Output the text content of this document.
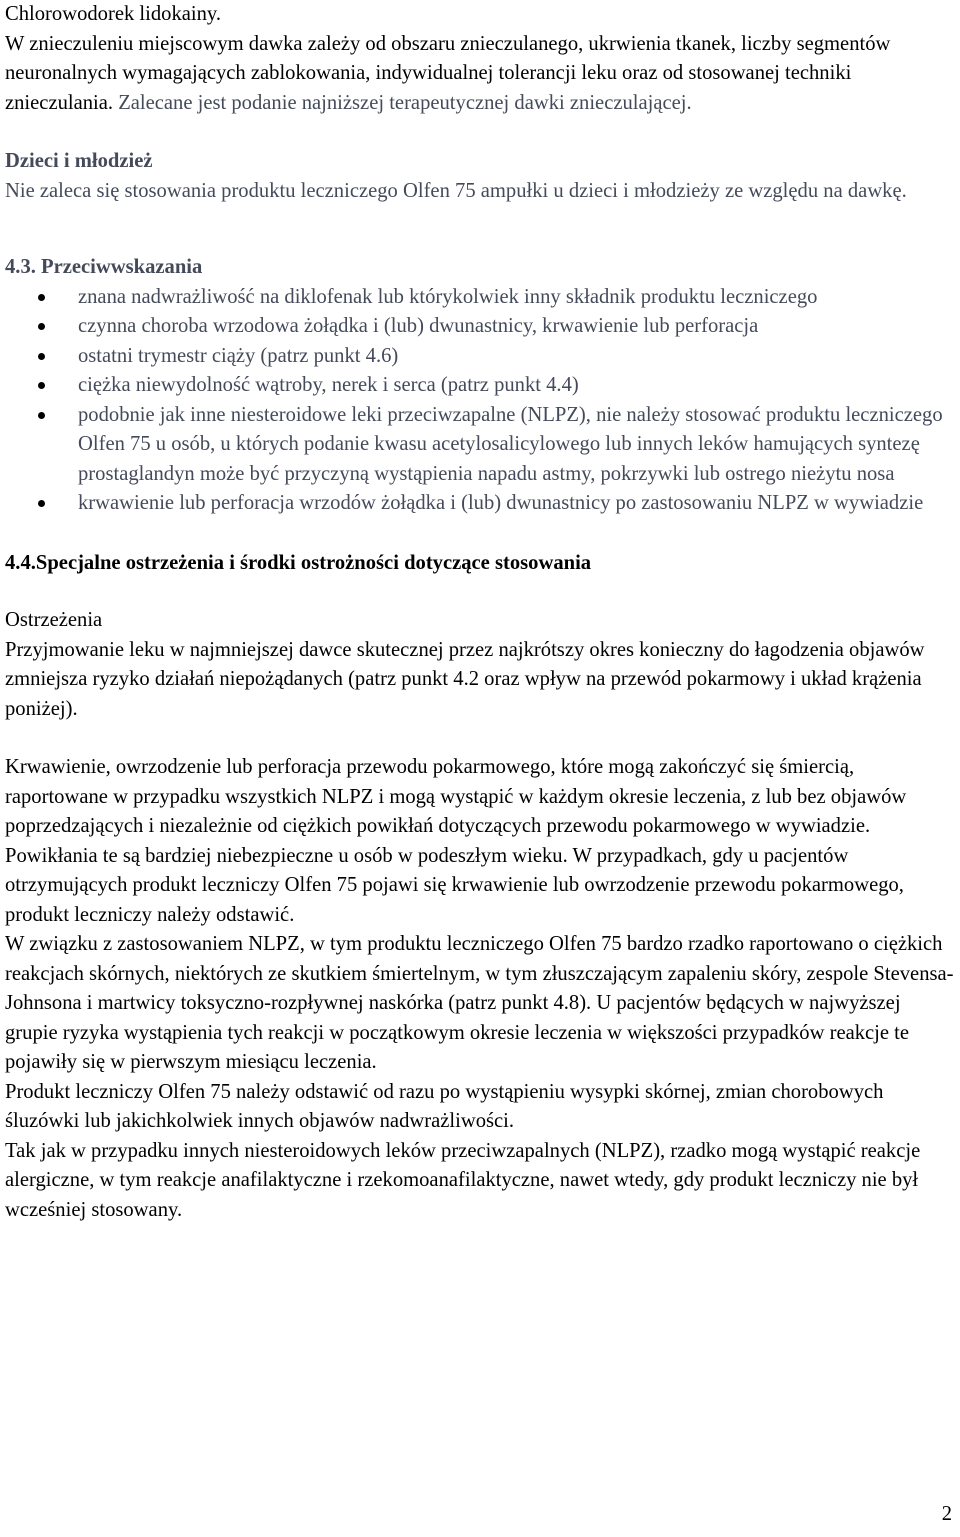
Chlorowodorek lidokainy.

W znieczuleniu miejscowym dawka zależy od obszaru znieczulanego, ukrwienia tkanek, liczby segmentów neuronalnych wymagających zablokowania, indywidualnej tolerancji leku oraz od stosowanej techniki znieczulania. Zalecane jest podanie najniższej terapeutycznej dawki znieczulającej.

Dzieci i młodzież

Nie zaleca się stosowania produktu leczniczego Olfen 75 ampułki u dzieci i młodzieży ze względu na dawkę.

4.3. Przeciwwskazania

znana nadwrażliwość na diklofenak lub którykolwiek inny składnik produktu leczniczego
czynna choroba wrzodowa żołądka i (lub) dwunastnicy, krwawienie lub perforacja
ostatni trymestr ciąży (patrz punkt 4.6)
ciężka niewydolność wątroby, nerek i serca (patrz punkt 4.4)
podobnie jak inne niesteroidowe leki przeciwzapalne (NLPZ), nie należy stosować produktu leczniczego Olfen 75 u osób, u których podanie kwasu acetylosalicylowego lub innych leków hamujących syntezę prostaglandyn może być przyczyną wystąpienia napadu astmy, pokrzywki lub ostrego nieżytu nosa
krwawienie lub perforacja wrzodów żołądka i (lub) dwunastnicy po zastosowaniu NLPZ w wywiadzie

4.4.Specjalne ostrzeżenia i środki ostrożności dotyczące stosowania

Ostrzeżenia

Przyjmowanie leku w najmniejszej dawce skutecznej przez najkrótszy okres konieczny do łagodzenia objawów zmniejsza ryzyko działań niepożądanych (patrz punkt 4.2 oraz wpływ na przewód pokarmowy i układ krążenia poniżej).

Krwawienie, owrzodzenie lub perforacja przewodu pokarmowego, które mogą zakończyć się śmiercią, raportowane w przypadku wszystkich NLPZ i mogą wystąpić w każdym okresie leczenia, z lub bez objawów poprzedzających i niezależnie od ciężkich powikłań dotyczących przewodu pokarmowego w wywiadzie. Powikłania te są bardziej niebezpieczne u osób w podeszłym wieku. W przypadkach, gdy u pacjentów otrzymujących produkt leczniczy Olfen 75 pojawi się krwawienie lub owrzodzenie przewodu pokarmowego, produkt leczniczy należy odstawić.

W związku z zastosowaniem NLPZ, w tym produktu leczniczego Olfen 75 bardzo rzadko raportowano o ciężkich reakcjach skórnych, niektórych ze skutkiem śmiertelnym, w tym złuszczającym zapaleniu skóry, zespole Stevensa-Johnsona i martwicy toksyczno-rozpływnej naskórka (patrz punkt 4.8). U pacjentów będących w najwyższej grupie ryzyka wystąpienia tych reakcji w początkowym okresie leczenia w większości przypadków reakcje te pojawiły się w pierwszym miesiącu leczenia.

Produkt leczniczy Olfen 75 należy odstawić od razu po wystąpieniu wysypki skórnej, zmian chorobowych śluzówki lub jakichkolwiek innych objawów nadwrażliwości.

Tak jak w przypadku innych niesteroidowych leków przeciwzapalnych (NLPZ), rzadko mogą wystąpić reakcje alergiczne, w tym reakcje anafilaktyczne i rzekomoanafilaktyczne, nawet wtedy, gdy produkt leczniczy nie był wcześniej stosowany.

2
